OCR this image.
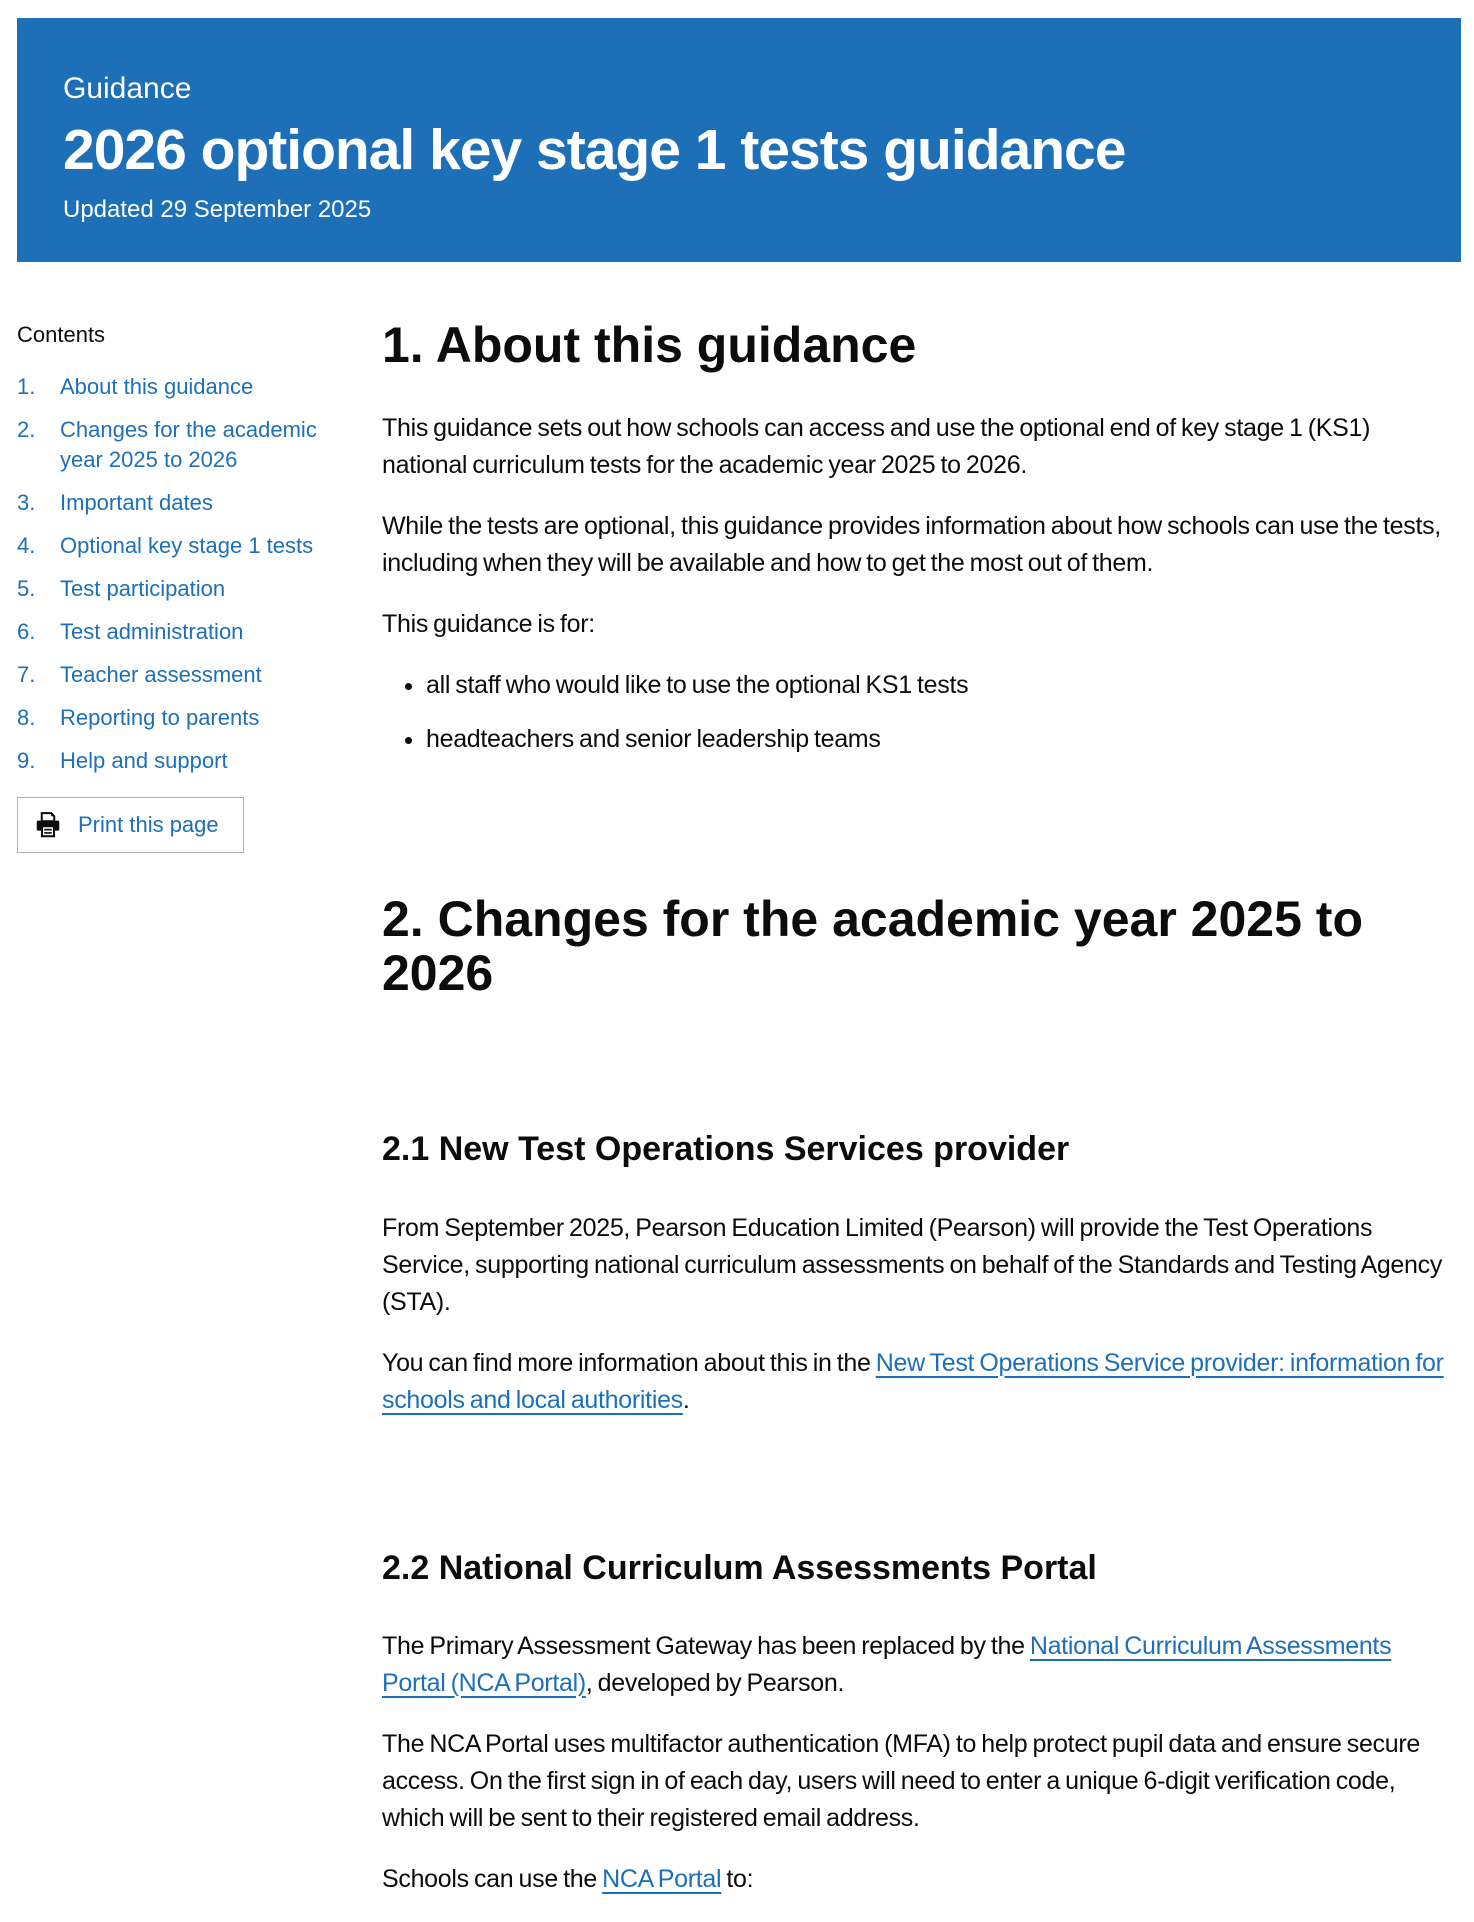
Guidance

2026 optional key stage 1 tests guidance

Updated 29 September 2025

Contents
1.	About this guidance
2.	Changes for the academic year 2025 to 2026
3.	Important dates
4.	Optional key stage 1 tests
5.	Test participation
6.	Test administration
7.	Teacher assessment
8.	Reporting to parents
9.	Help and support
Print this page
1. About this guidance

This guidance sets out how schools can access and use the optional end of key stage 1 (KS1) national curriculum tests for the academic year 2025 to 2026.

While the tests are optional, this guidance provides information about how schools can use the tests, including when they will be available and how to get the most out of them.

This guidance is for:

• all staff who would like to use the optional KS1 tests
• headteachers and senior leadership teams
2. Changes for the academic year 2025 to 2026
2.1 New Test Operations Services provider

From September 2025, Pearson Education Limited (Pearson) will provide the Test Operations Service, supporting national curriculum assessments on behalf of the Standards and Testing Agency (STA).

You can find more information about this in the New Test Operations Service provider: information for schools and local authorities.

2.2 National Curriculum Assessments Portal

The Primary Assessment Gateway has been replaced by the National Curriculum Assessments Portal (NCA Portal), developed by Pearson.

The NCA Portal uses multifactor authentication (MFA) to help protect pupil data and ensure secure access. On the first sign in of each day, users will need to enter a unique 6-digit verification code, which will be sent to their registered email address.

Schools can use the NCA Portal to:
